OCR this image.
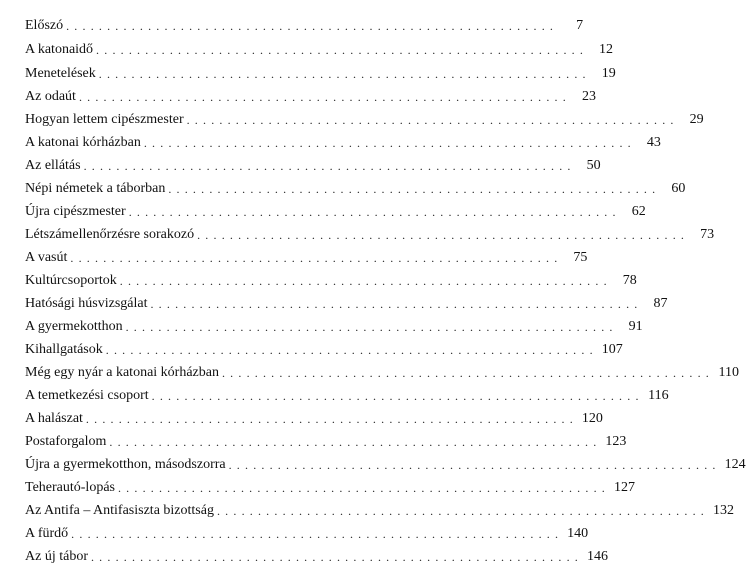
Előszó ............................................................	7
A katonaidő ............................................................ 12
Menetelések ............................................................ 19
Az odaút ............................................................ 23
Hogyan lettem cipészmester ............................................................ 29
A katonai kórházban ............................................................ 43
Az ellátás ............................................................ 50
Népi németek a táborban ............................................................ 60
Újra cipészmester ............................................................ 62
Létszámellenőrzésre sorakozó ............................................................ 73
A vasút ............................................................ 75
Kultúrcsoportok ............................................................ 78
Hatósági húsvizsgálat ............................................................ 87
A gyermekotthon ............................................................ 91
Kihallgatások ............................................................ 107
Még egy nyár a katonai kórházban ............................................................ 110
A temetkezési csoport ............................................................ 116
A halászat ............................................................ 120
Postaforgalom ............................................................ 123
Újra a gyermekotthon, másodszorra ............................................................ 124
Teherautó-lopás ............................................................ 127
Az Antifa – Antifasiszta bizottság ............................................................ 132
A fürdő ............................................................ 140
Az új tábor ............................................................ 146
